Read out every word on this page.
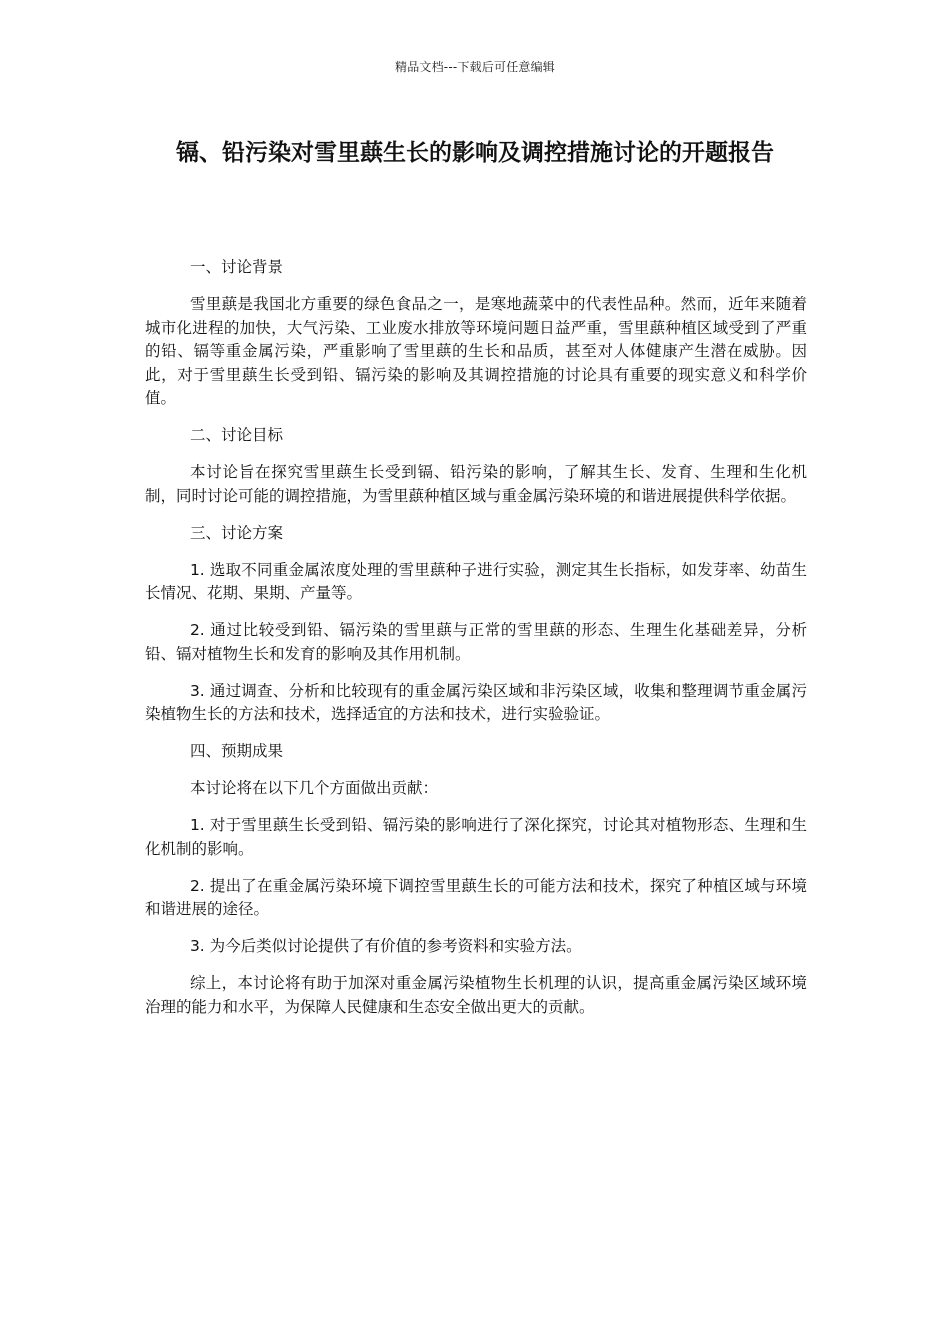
精品文档---下载后可任意编辑
镉、铅污染对雪里蕻生长的影响及调控措施讨论的开题报告

一、讨论背景

雪里蕻是我国北方重要的绿色食品之一，是寒地蔬菜中的代表性品种。然而，近年来随着城市化进程的加快，大气污染、工业废水排放等环境问题日益严重，雪里蕻种植区域受到了严重的铅、镉等重金属污染，严重影响了雪里蕻的生长和品质，甚至对人体健康产生潜在威胁。因此，对于雪里蕻生长受到铅、镉污染的影响及其调控措施的讨论具有重要的现实意义和科学价值。

二、讨论目标

本讨论旨在探究雪里蕻生长受到镉、铅污染的影响，了解其生长、发育、生理和生化机制，同时讨论可能的调控措施，为雪里蕻种植区域与重金属污染环境的和谐进展提供科学依据。

三、讨论方案

1. 选取不同重金属浓度处理的雪里蕻种子进行实验，测定其生长指标，如发芽率、幼苗生长情况、花期、果期、产量等。

2. 通过比较受到铅、镉污染的雪里蕻与正常的雪里蕻的形态、生理生化基础差异，分析铅、镉对植物生长和发育的影响及其作用机制。

3. 通过调查、分析和比较现有的重金属污染区域和非污染区域，收集和整理调节重金属污染植物生长的方法和技术，选择适宜的方法和技术，进行实验验证。

四、预期成果

本讨论将在以下几个方面做出贡献：

1. 对于雪里蕻生长受到铅、镉污染的影响进行了深化探究，讨论其对植物形态、生理和生化机制的影响。

2. 提出了在重金属污染环境下调控雪里蕻生长的可能方法和技术，探究了种植区域与环境和谐进展的途径。

3. 为今后类似讨论提供了有价值的参考资料和实验方法。

综上，本讨论将有助于加深对重金属污染植物生长机理的认识，提高重金属污染区域环境治理的能力和水平，为保障人民健康和生态安全做出更大的贡献。
